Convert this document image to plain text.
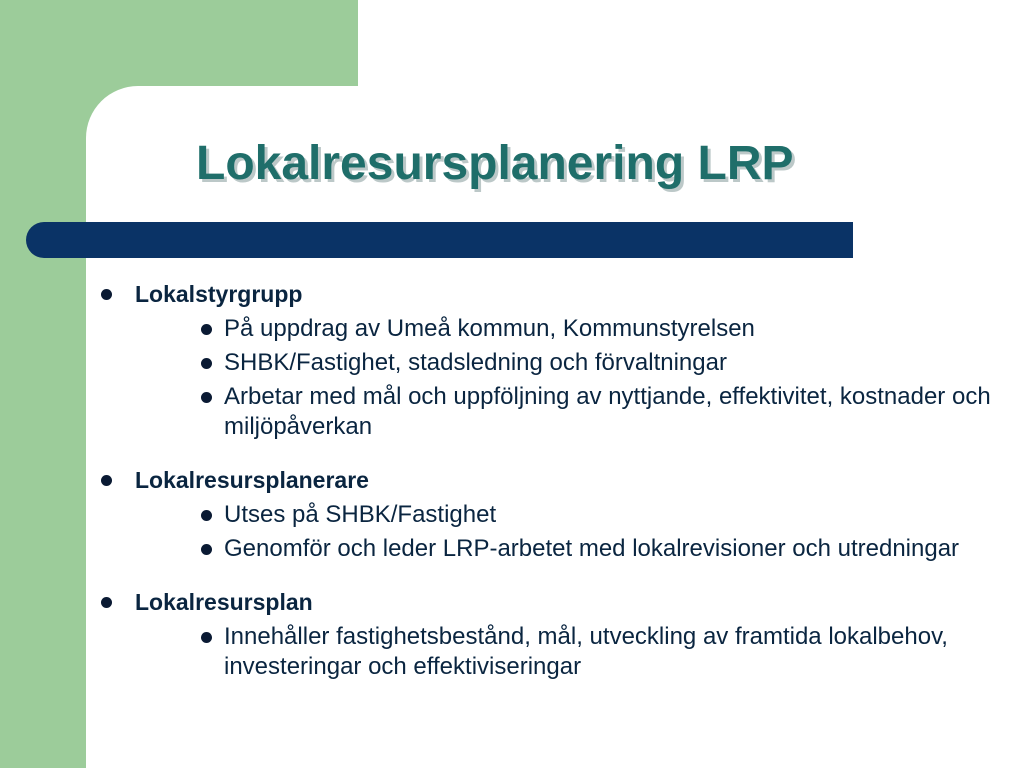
Lokalresursplanering LRP
Lokalstyrgrupp
På uppdrag av Umeå kommun, Kommunstyrelsen
SHBK/Fastighet, stadsledning och förvaltningar
Arbetar med mål och uppföljning av nyttjande, effektivitet, kostnader och miljöpåverkan
Lokalresursplanerare
Utses på SHBK/Fastighet
Genomför och leder LRP-arbetet med lokalrevisioner och utredningar
Lokalresursplan
Innehåller fastighetsbestånd, mål, utveckling av framtida lokalbehov, investeringar och effektiviseringar
